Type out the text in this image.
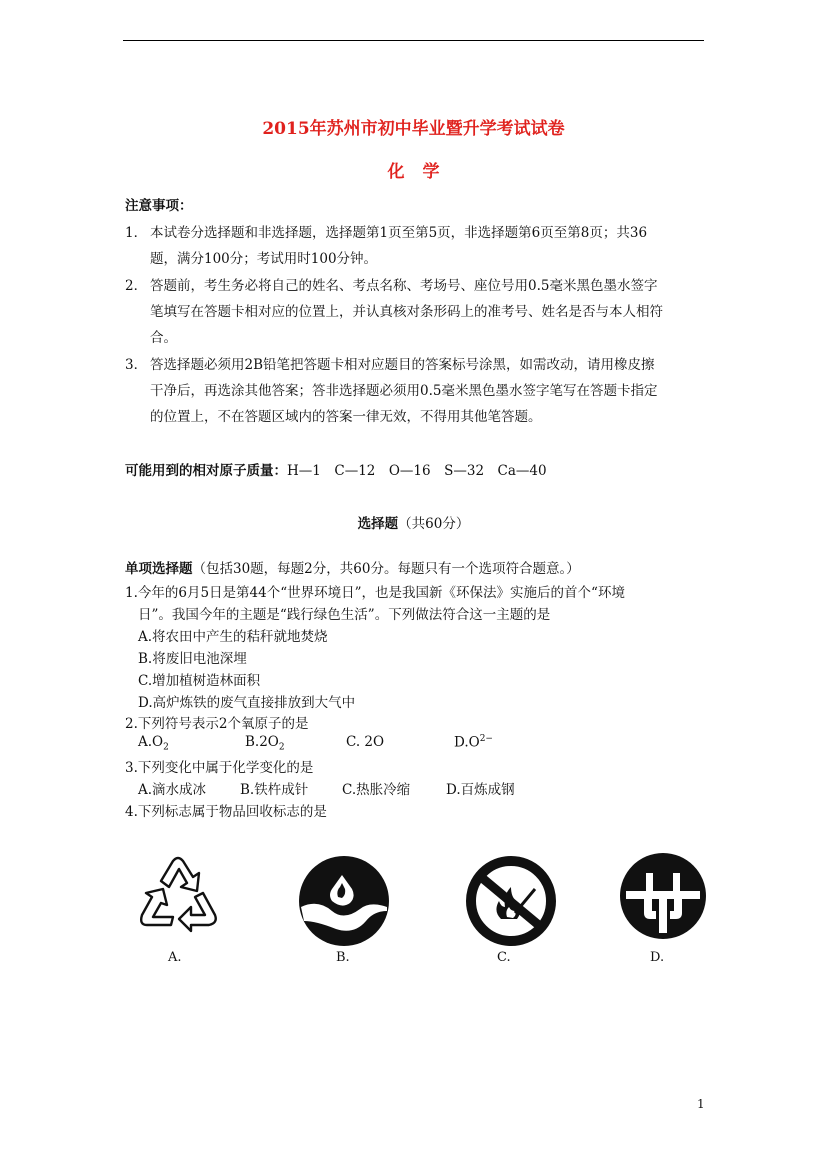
2015年苏州市初中毕业暨升学考试试卷
化学
注意事项：
1． 本试卷分选择题和非选择题，选择题第1页至第5页，非选择题第6页至第8页；共36
题，满分100分；考试用时100分钟。
2． 答题前，考生务必将自己的姓名、考点名称、考场号、座位号用0.5毫米黑色墨水签字
笔填写在答题卡相对应的位置上，并认真核对条形码上的准考号、姓名是否与本人相符
合。
3． 答选择题必须用2B铅笔把答题卡相对应题目的答案标号涂黑，如需改动，请用橡皮擦
干净后，再选涂其他答案；答非选择题必须用0.5毫米黑色墨水签字笔写在答题卡指定
的位置上，不在答题区域内的答案一律无效，不得用其他笔答题。
可能用到的相对原子质量：H—1　C—12　O—16　S—32　Ca—40
选择题（共60分）
单项选择题（包括30题，每题2分，共60分。每题只有一个选项符合题意。）
1.今年的6月5日是第44个“世界环境日”，也是我国新《环保法》实施后的首个“环境
日”。我国今年的主题是“践行绿色生活”。下列做法符合这一主题的是
A.将农田中产生的秸秆就地焚烧
B.将废旧电池深埋
C.增加植树造林面积
D.高炉炼铁的废气直接排放到大气中
2.下列符号表示2个氧原子的是
$A.O_2$	$B.2O_2$	C. 2O	$D.O^{2-}$
3.下列变化中属于化学变化的是
A.滴水成冰	B.铁杵成针	C.热胀冷缩	D.百炼成钢
4.下列标志属于物品回收标志的是
A.	B.	C.	D.
1
